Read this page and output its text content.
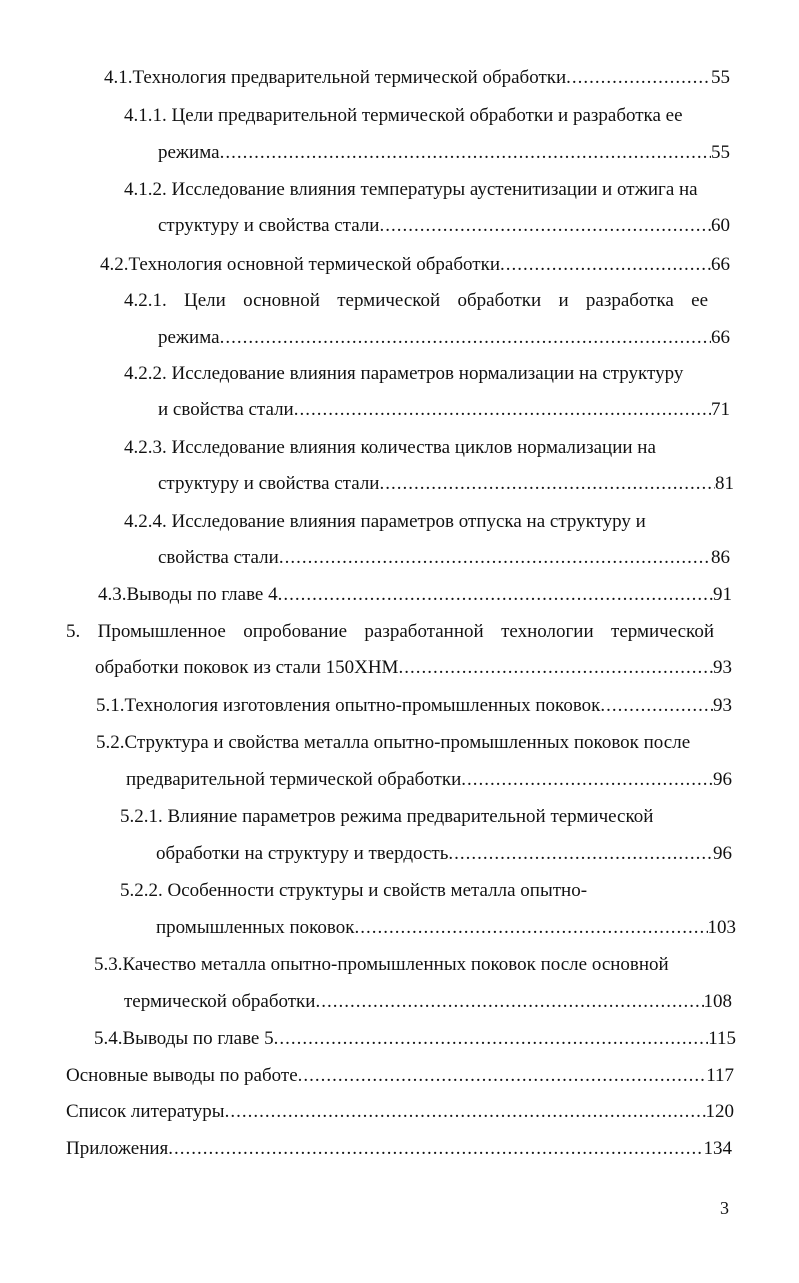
4.1.Технология предварительной термической обработки .....	55
4.1.1. Цели предварительной термической обработки и разработка ее
режима .....	55
4.1.2. Исследование влияния температуры аустенитизации и отжига на
структуру и свойства стали .....	60
4.2.Технология основной термической обработки .....	66
4.2.1. Цели основной термической обработки и разработка ее
режима .....	66
4.2.2. Исследование влияния параметров нормализации на структуру
и свойства стали .....	71
4.2.3. Исследование влияния количества циклов нормализации на
структуру и свойства стали .....	81
4.2.4. Исследование влияния параметров отпуска на структуру и
свойства стали .....	86
4.3.Выводы по главе 4 .....	91
5. Промышленное опробование разработанной технологии термической
обработки поковок из стали 150ХНМ .....	93
5.1.Технология изготовления опытно-промышленных поковок .....	93
5.2.Структура и свойства металла опытно-промышленных поковок после
предварительной термической обработки .....	96
5.2.1. Влияние параметров режима предварительной термической
обработки на структуру и твердость .....	96
5.2.2. Особенности структуры и свойств металла опытно-
промышленных поковок .....	103
5.3.Качество металла опытно-промышленных поковок после основной
термической обработки .....	108
5.4.Выводы по главе 5 .....	115
Основные выводы по работе .....	117
Список литературы .....	120
Приложения .....	134
3
